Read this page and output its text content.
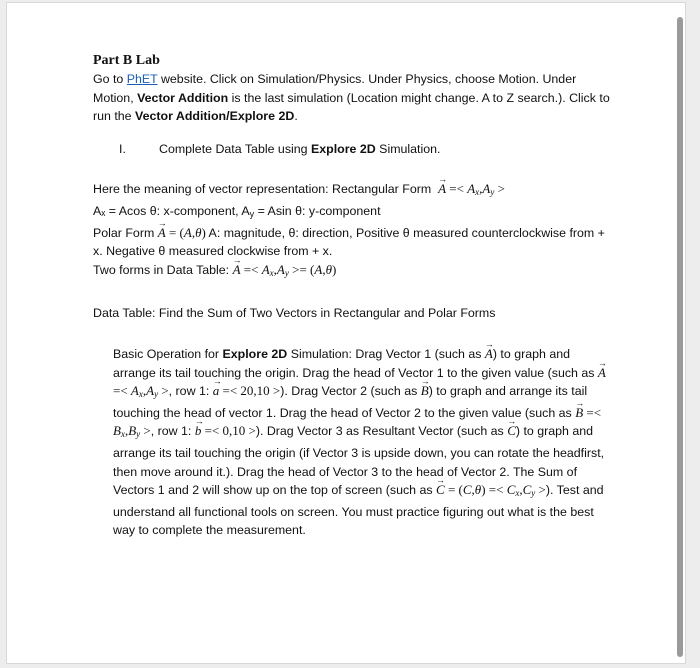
Part B Lab

Go to PhET website. Click on Simulation/Physics. Under Physics, choose Motion. Under Motion, Vector Addition is the last simulation (Location might change. A to Z search.). Click to run the Vector Addition/Explore 2D.

I.	Complete Data Table using Explore 2D Simulation.

Here the meaning of vector representation: Rectangular Form → $A =< A_x,A_y$ >

Aₓ = Acos θ: x-component, $A_y = Asin$ θ: y-component

Polar Form → A = (A,θ) A: magnitude, θ: direction, Positive θ measured counterclockwise from + x. Negative θ measured clockwise from + x.

Two forms in Data Table: → $A =< A_x,A_y >= (A,\theta)$

Data Table: Find the Sum of Two Vectors in Rectangular and Polar Forms

Basic Operation for Explore 2D Simulation: Drag Vector 1 (such as → A) to graph and arrange its tail touching the origin. Drag the head of Vector 1 to the given value (such as → $A =< A_x,A_y$ >, row 1: → a =< 20,10 >). Drag Vector 2 (such as → B) to graph and arrange its tail touching the head of vector 1. Drag the head of Vector 2 to the given value (such as → $B =< B_x,B_y$ >, row 1: → b =< 0,10 >). Drag Vector 3 as Resultant Vector (such as → C) to graph and arrange its tail touching the origin (if Vector 3 is upside down, you can rotate the headfirst, then move around it.). Drag the head of Vector 3 to the head of Vector 2. The Sum of Vectors 1 and 2 will show up on the top of screen (such as → $C = (C,\theta) =< C_x,C_y$ >). Test and understand all functional tools on screen. You must practice figuring out what is the best way to complete the measurement.
